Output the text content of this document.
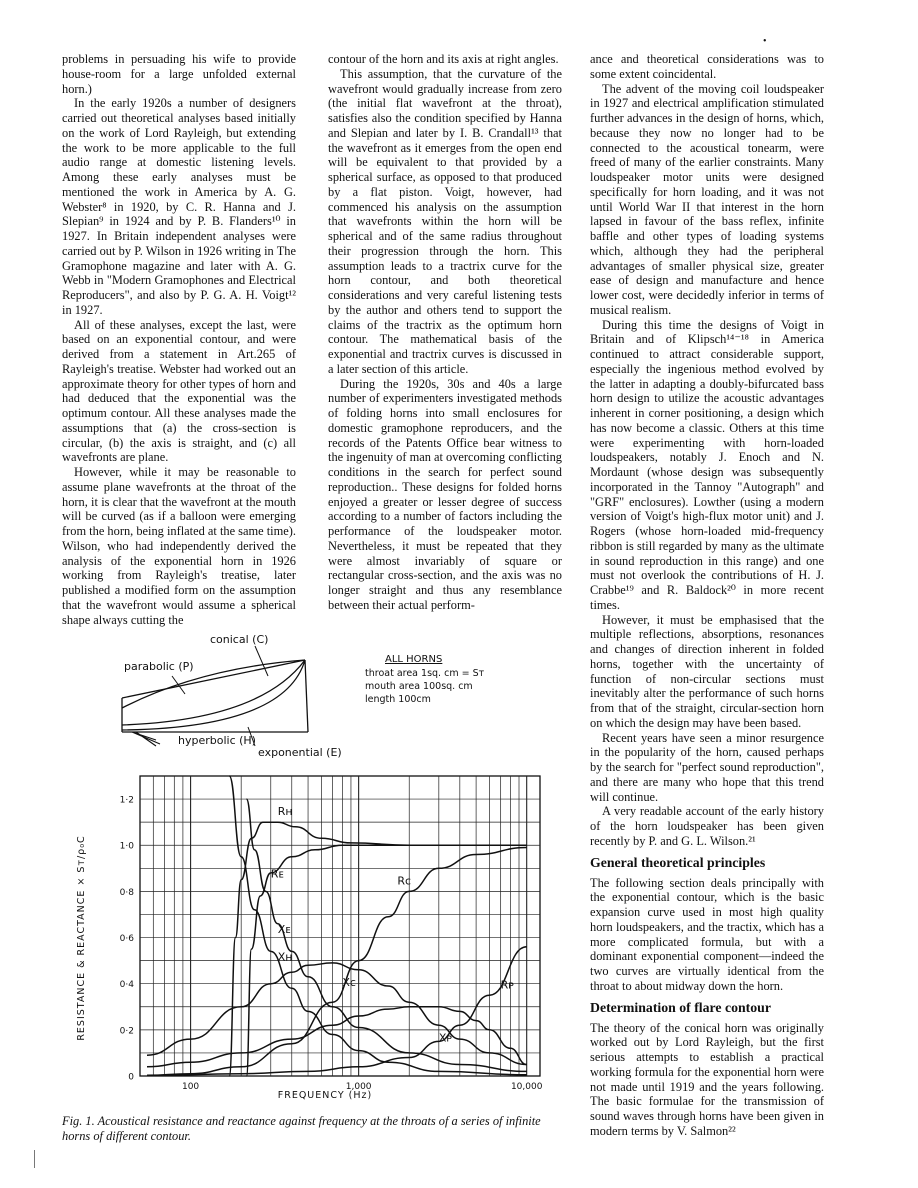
•

problems in persuading his wife to provide house-room for a large unfolded external horn.)

In the early 1920s a number of designers carried out theoretical analyses based initially on the work of Lord Rayleigh, but extending the work to be more applicable to the full audio range at domestic listening levels. Among these early analyses must be mentioned the work in America by A. G. Webster⁸ in 1920, by C. R. Hanna and J. Slepian⁹ in 1924 and by P. B. Flanders¹⁰ in 1927. In Britain independent analyses were carried out by P. Wilson in 1926 writing in The Gramophone magazine and later with A. G. Webb in "Modern Gramophones and Electrical Reproducers", and also by P. G. A. H. Voigt¹² in 1927.

All of these analyses, except the last, were based on an exponential contour, and were derived from a statement in Art.265 of Rayleigh's treatise. Webster had worked out an approximate theory for other types of horn and had deduced that the exponential was the optimum contour. All these analyses made the assumptions that (a) the cross-section is circular, (b) the axis is straight, and (c) all wavefronts are plane.

However, while it may be reasonable to assume plane wavefronts at the throat of the horn, it is clear that the wavefront at the mouth will be curved (as if a balloon were emerging from the horn, being inflated at the same time). Wilson, who had independently derived the analysis of the exponential horn in 1926 working from Rayleigh's treatise, later published a modified form on the assumption that the wavefront would assume a spherical shape always cutting the

contour of the horn and its axis at right angles.

This assumption, that the curvature of the wavefront would gradually increase from zero (the initial flat wavefront at the throat), satisfies also the condition specified by Hanna and Slepian and later by I. B. Crandall¹³ that the wavefront as it emerges from the open end will be equivalent to that provided by a spherical surface, as opposed to that produced by a flat piston. Voigt, however, had commenced his analysis on the assumption that wavefronts within the horn will be spherical and of the same radius throughout their progression through the horn. This assumption leads to a tractrix curve for the horn contour, and both theoretical considerations and very careful listening tests by the author and others tend to support the claims of the tractrix as the optimum horn contour. The mathematical basis of the exponential and tractrix curves is discussed in a later section of this article.

During the 1920s, 30s and 40s a large number of experimenters investigated methods of folding horns into small enclosures for domestic gramophone reproducers, and the records of the Patents Office bear witness to the ingenuity of man at overcoming conflicting conditions in the search for perfect sound reproduction.. These designs for folded horns enjoyed a greater or lesser degree of success according to a number of factors including the performance of the loudspeaker motor. Nevertheless, it must be repeated that they were almost invariably of square or rectangular cross-section, and the axis was no longer straight and thus any resemblance between their actual perform-

ance and theoretical considerations was to some extent coincidental.

The advent of the moving coil loudspeaker in 1927 and electrical amplification stimulated further advances in the design of horns, which, because they now no longer had to be connected to the acoustical tonearm, were freed of many of the earlier constraints. Many loudspeaker motor units were designed specifically for horn loading, and it was not until World War II that interest in the horn lapsed in favour of the bass reflex, infinite baffle and other types of loading systems which, although they had the peripheral advantages of smaller physical size, greater ease of design and manufacture and hence lower cost, were decidedly inferior in terms of musical realism.

During this time the designs of Voigt in Britain and of Klipsch¹⁴⁻¹⁸ in America continued to attract considerable support, especially the ingenious method evolved by the latter in adapting a doubly-bifurcated bass horn design to utilize the acoustic advantages inherent in corner positioning, a design which has now become a classic. Others at this time were experimenting with horn-loaded loudspeakers, notably J. Enoch and N. Mordaunt (whose design was subsequently incorporated in the Tannoy "Autograph" and "GRF" enclosures). Lowther (using a modern version of Voigt's high-flux motor unit) and J. Rogers (whose horn-loaded mid-frequency ribbon is still regarded by many as the ultimate in sound reproduction in this range) and one must not overlook the contributions of H. J. Crabbe¹⁹ and R. Baldock²⁰ in more recent times.

However, it must be emphasised that the multiple reflections, absorptions, resonances and changes of direction inherent in folded horns, together with the uncertainty of function of non-circular sections must inevitably alter the performance of such horns from that of the straight, circular-section horn on which the design may have been based.

Recent years have seen a minor resurgence in the popularity of the horn, caused perhaps by the search for "perfect sound reproduction", and there are many who hope that this trend will continue.

A very readable account of the early history of the horn loudspeaker has been given recently by P. and G. L. Wilson.²¹

General theoretical principles

The following section deals principally with the exponential contour, which is the basic expansion curve used in most high quality horn loudspeakers, and the tractix, which has a more complicated formula, but with a dominant exponential component—indeed the two curves are virtually identical from the throat to about midway down the horn.

Determination of flare contour

The theory of the conical horn was originally worked out by Lord Rayleigh, but the first serious attempts to establish a practical working formula for the exponential horn were not made until 1919 and the years following. The basic formulae for the transmission of sound waves through horns have been given in modern terms by V. Salmon²²

conical (C)
parabolic (P)
hyperbolic (H)
exponential (E)
ALL HORNS
throat area 1sq. cm = Sᴛ
mouth area 100sq. cm
length 100cm
0
0·2
0·4
0·6
0·8
1·0
1·2
100	1,000	10,000
Rʜ
Rᴇ
Rᴄ
Rᴘ
Xᴇ
Xʜ
Xᴄ
Xᴘ
FREQUENCY (Hz)
RESISTANCE & REACTANCE × Sᴛ/ρ₀C
Fig. 1. Acoustical resistance and reactance against frequency at the throats of a series of infinite horns of different contour.
